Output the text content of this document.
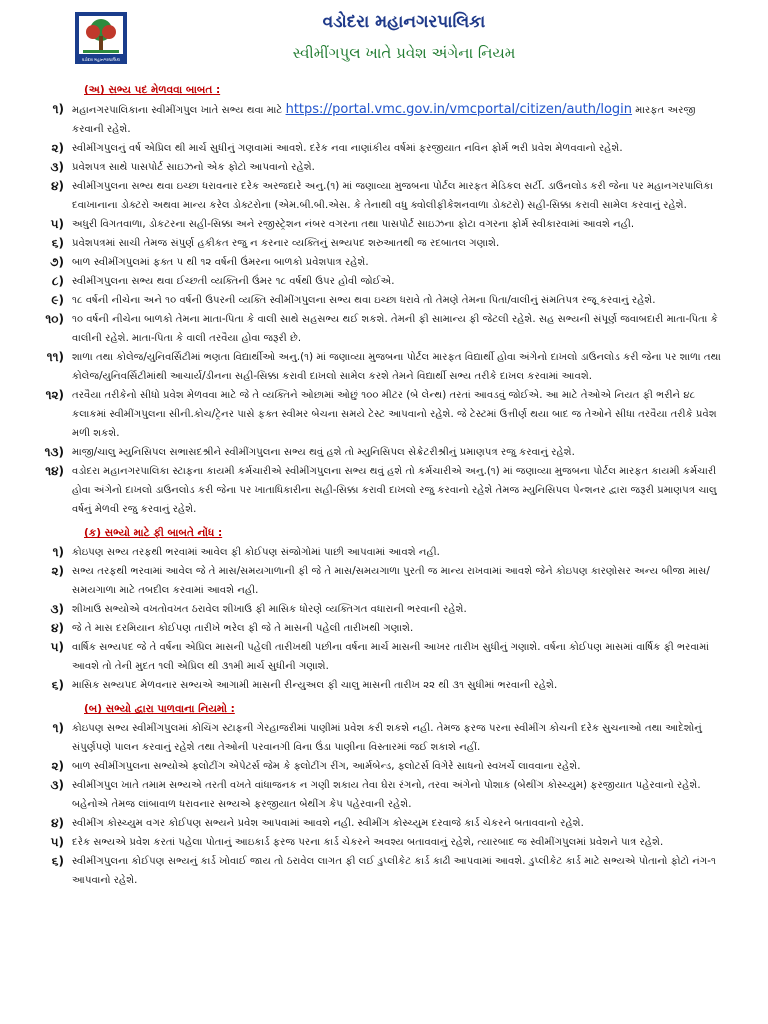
વડોદરા મહાનગરપાલિકા
વડોદરા મહાનગરપાલિકા
સ્વીમીંગપુલ ખાતે પ્રવેશ અંગેના નિયમ
(અ) સભ્ય પદ મેળવવા બાબત :
૧) મહાનગરપાલિકાના સ્વીમીંગપુલ ખાતે સભ્ય થવા માટે https://portal.vmc.gov.in/vmcportal/citizen/auth/login મારફત અરજી કરવાની રહેશે.
૨) સ્વીમીંગપુલનું વર્ષ એપ્રિલ થી માર્ચ સુધીનું ગણવામાં આવશે. દરેક નવા નાણાંકીય વર્ષમાં ફરજીયાત નવિન ફોર્મ ભરી પ્રવેશ મેળવવાનો રહેશે.
૩) પ્રવેશપત્ર સાથે પાસપોર્ટ સાઇઝનો એક ફોટો આપવાનો રહેશે.
૪) સ્વીમીંગપુલના સભ્ય થવા ઇચ્છા ધરાવનાર દરેક અરજદારે અનુ.(૧) માં જણાવ્યા મુજબના પોર્ટલ મારફત મેડિકલ સર્ટી. ડાઉનલોડ કરી જેના પર મહાનગરપાલિકા દવાખાનાના ડોક્ટરો અથવા માન્ય કરેલ ડોક્ટરોના (એમ.બી.બી.એસ. કે તેનાથી વધુ ક્વોલીફીકેશનવાળા ડોક્ટરો) સહી-સિક્કા કરાવી સામેલ કરવાનું રહેશે.
૫) અધુરી વિગતવાળા, ડોકટરના સહી-સિક્કા અને રજીસ્ટ્રેશન નંબર વગરના તથા પાસપોર્ટ સાઇઝના ફોટા વગરના ફોર્મ સ્વીકારવામાં આવશે નહી.
૬) પ્રવેશપત્રમાં સાચી તેમજ સંપુર્ણ હકીકત રજુ ન કરનાર વ્યક્તિનું સભ્યપદ શરુઆતથી જ રદબાતલ ગણાશે.
૭) બાળ સ્વીમીંગપુલમાં ફક્ત ૫ થી ૧૨ વર્ષની ઉંમરના બાળકો પ્રવેશપાત્ર રહેશે.
૮) સ્વીમીંગપુલના સભ્ય થવા ઈચ્છતી વ્યક્તિની ઉંમર ૧૮ વર્ષથી ઉપર હોવી જોઈએ.
૯) ૧૮ વર્ષની નીચેના અને ૧૦ વર્ષની ઉપરની વ્યક્તિ સ્વીમીંગપુલના સભ્ય થવા ઇચ્છા ધરાવે તો તેમણે તેમના પિતા/વાલીનું સંમતિપત્ર રજૂ કરવાનું રહેશે.
૧૦) ૧૦ વર્ષની નીચેના બાળકો તેમના માતા-પિતા કે વાલી સાથે સહસભ્ય થઈ શકશે. તેમની ફી સામાન્ય ફી જેટલી રહેશે. સહ સભ્યની સંપૂર્ણ જવાબદારી માતા-પિતા કે વાલીની રહેશે. માતા-પિતા કે વાલી તરવૈયા હોવા જરૂરી છે.
૧૧) શાળા તથા કોલેજ/યુનિવર્સિટીમાં ભણતા વિદ્યાર્થીઓ અનુ.(૧) માં જણાવ્યા મુજબના પોર્ટલ મારફત વિદ્યાર્થી હોવા અંગેનો દાખલો ડાઉનલોડ કરી જેના પર શાળા તથા કોલેજ/યુનિવર્સિટીમાંથી આચાર્ય/ડીનના સહી-સિક્કા કરાવી દાખલો સામેલ કરશે તેમને વિદ્યાર્થી સભ્ય તરીકે દાખલ કરવામાં આવશે.
૧૨) તરવૈયા તરીકેનો સીધો પ્રવેશ મેળવવા માટે જે તે વ્યક્તિને ઓછામાં ઓછું ૧૦૦ મીટર (બે લેન્થ) તરતાં આવડવું જોઈએ. આ માટે તેઓએ નિયત ફી ભરીને ૪૮ કલાકમાં સ્વીમીંગપુલના સીની.કોચ/ટ્રેનર પાસે ફક્ત સ્વીમર બેચના સમયે ટેસ્ટ આપવાનો રહેશે. જે ટેસ્ટમાં ઉત્તીર્ણ થયા બાદ જ તેઓને સીધા તરવૈયા તરીકે પ્રવેશ મળી શકશે.
૧૩) માજી/ચાલુ મ્યુનિસિપલ સભાસદશ્રીને સ્વીમીંગપુલના સભ્ય થવું હશે તો મ્યુનિસિપલ સેક્રેટરીશ્રીનું પ્રમાણપત્ર રજુ કરવાનું રહેશે.
૧૪) વડોદરા મહાનગરપાલિકા સ્ટાફના કાયમી કર્મચારીએ સ્વીમીંગપુલના સભ્ય થવું હશે તો કર્મચારીએ અનુ.(૧) માં જણાવ્યા મુજબના પોર્ટલ મારફત કાયમી કર્મચારી હોવા અંગેનો દાખલો ડાઉનલોડ કરી જેના પર ખાતાધિકારીના સહી-સિક્કા કરાવી દાખલો રજુ કરવાનો રહેશે તેમજ મ્યુનિસિપલ પેન્શનર દ્વારા જરૂરી પ્રમાણપત્ર ચાલુ વર્ષનું મેળવી રજુ કરવાનું રહેશે.
(ક) સભ્યો માટે ફી બાબતે નોંધ :
૧) કોઇપણ સભ્ય તરફથી ભરવામાં આવેલ ફી કોઈપણ સંજોગોમાં પાછી આપવામાં આવશે નહી.
૨) સભ્ય તરફથી ભરવામાં આવેલ જે તે માસ/સમયગાળાની ફી જે તે માસ/સમયગાળા પુરતી જ માન્ય રાખવામાં આવશે જેને કોઇપણ કારણોસર અન્ય બીજા માસ/સમયગાળા માટે તબદીલ કરવામાં આવશે નહી.
૩) શીખાઉ સભ્યોએ વખતોવખત ઠરાવેલ શીખાઉ ફી માસિક ધોરણે વ્યક્તિગત વધારાની ભરવાની રહેશે.
૪) જે તે માસ દરમિયાન કોઈપણ તારીખે ભરેલ ફી જે તે માસની પહેલી તારીખથી ગણાશે.
૫) વાર્ષિક સભ્યપદ જે તે વર્ષના એપ્રિલ માસની પહેલી તારીખથી પછીના વર્ષના માર્ચ માસની આખર તારીખ સુધીનું ગણાશે. વર્ષના કોઈપણ માસમાં વાર્ષિક ફી ભરવામાં આવશે તો તેની મુદત ૧લી એપ્રિલ થી ૩૧મી માર્ચ સુધીની ગણાશે.
૬) માસિક સભ્યપદ મેળવનાર સભ્યએ આગામી માસની રીન્યુઅલ ફી ચાલુ માસની તારીખ ૨૨ થી ૩૧ સુધીમાં ભરવાની રહેશે.
(બ) સભ્યો દ્વારા પાળવાના નિયમો :
૧) કોઇપણ સભ્ય સ્વીમીંગપુલમાં કોચિંગ સ્ટાફની ગેરહાજરીમાં પાણીમાં પ્રવેશ કરી શકશે નહી. તેમજ ફરજ પરના સ્વીમીંગ કોચની દરેક સુચનાઓ તથા આદેશોનું સંપુર્ણપણે પાલન કરવાનું રહેશે તથા તેઓની પરવાનગી વિના ઉંડા પાણીના વિસ્તારમાં જઈ શકાશે નહીં.
૨) બાળ સ્વીમીંગપુલના સભ્યોએ ફ્લોટીંગ એપેટર્સ જેમ કે ફ્લોટીંગ રીંગ, આર્મબેન્ડ, ફ્લોટર્સ વિગેરે સાધનો સ્વખર્ચે લાવવાના રહેશે.
૩) સ્વીમીંગપુલ ખાતે તમામ સભ્યએ તરતી વખતે વાંધાજનક ન ગણી શકાય તેવા ઘેરા રંગનો, તરવા અંગેનો પોશાક (બેથીંગ કોસ્ચ્યુમ) ફરજીયાત પહેરવાનો રહેશે. બહેનોએ તેમજ લાંબાવાળ ધરાવનાર સભ્યએ ફરજીયાત બેથીંગ કેપ પહેરવાની રહેશે.
૪) સ્વીમીંગ કોસ્ચ્યુમ વગર કોઈપણ સભ્યને પ્રવેશ આપવામાં આવશે નહી. સ્વીમીંગ કોસ્ચ્યુમ દરવાજે કાર્ડ ચેકરને બતાવવાનો રહેશે.
૫) દરેક સભ્યએ પ્રવેશ કરતાં પહેલા પોતાનું આઇકાર્ડ ફરજ પરના કાર્ડ ચેકરને અવશ્ય બતાવવાનું રહેશે, ત્યારબાદ જ સ્વીમીંગપુલમાં પ્રવેશને પાત્ર રહેશે.
૬) સ્વીમીંગપુલના કોઈપણ સભ્યનું કાર્ડ ખોવાઈ જાય તો ઠરાવેલ લાગત ફી લઈ ડુપ્લીકેટ કાર્ડ કાઢી આપવામાં આવશે. ડુપ્લીકેટ કાર્ડ માટે સભ્યએ પોતાનો ફોટો નંગ-૧ આપવાનો રહેશે.
